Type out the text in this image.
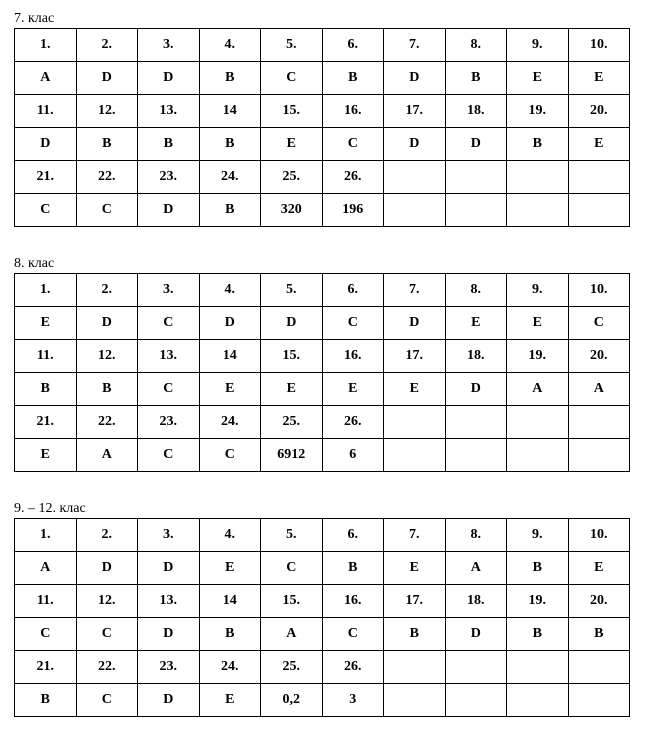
7. клас
1.	2.	3.	4.	5.	6.	7.	8.	9.	10.
A	D	D	B	C	B	D	B	E	E
11.	12.	13.	14	15.	16.	17.	18.	19.	20.
D	B	B	B	E	C	D	D	B	E
21.	22.	23.	24.	25.	26.				
C	C	D	B	320	196				
8. клас
1.	2.	3.	4.	5.	6.	7.	8.	9.	10.
E	D	C	D	D	C	D	E	E	C
11.	12.	13.	14	15.	16.	17.	18.	19.	20.
B	B	C	E	E	E	E	D	A	A
21.	22.	23.	24.	25.	26.				
E	A	C	C	6912	6				
9. – 12. клас
1.	2.	3.	4.	5.	6.	7.	8.	9.	10.
A	D	D	E	C	B	E	A	B	E
11.	12.	13.	14	15.	16.	17.	18.	19.	20.
C	C	D	B	A	C	B	D	B	B
21.	22.	23.	24.	25.	26.				
B	C	D	E	0,2	3				
